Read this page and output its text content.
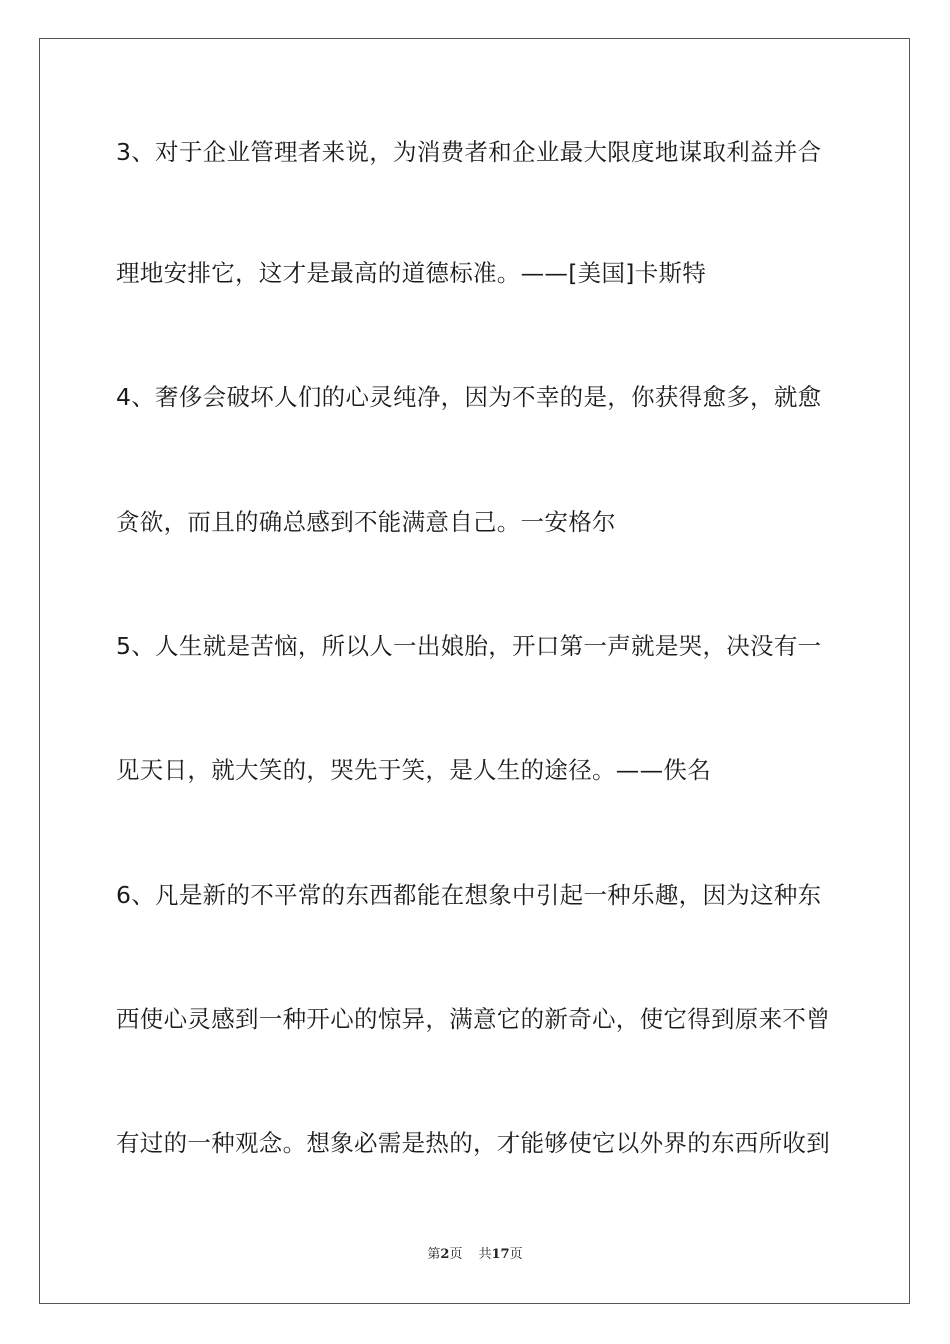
3、对于企业管理者来说，为消费者和企业最大限度地谋取利益并合
理地安排它，这才是最高的道德标准。——[美国]卡斯特
4、奢侈会破坏人们的心灵纯净，因为不幸的是，你获得愈多，就愈
贪欲，而且的确总感到不能满意自己。一安格尔
5、人生就是苦恼，所以人一出娘胎，开口第一声就是哭，决没有一
见天日，就大笑的，哭先于笑，是人生的途径。——佚名
6、凡是新的不平常的东西都能在想象中引起一种乐趣，因为这种东
西使心灵感到一种开心的惊异，满意它的新奇心，使它得到原来不曾
有过的一种观念。想象必需是热的，才能够使它以外界的东西所收到
第2页 共17页
